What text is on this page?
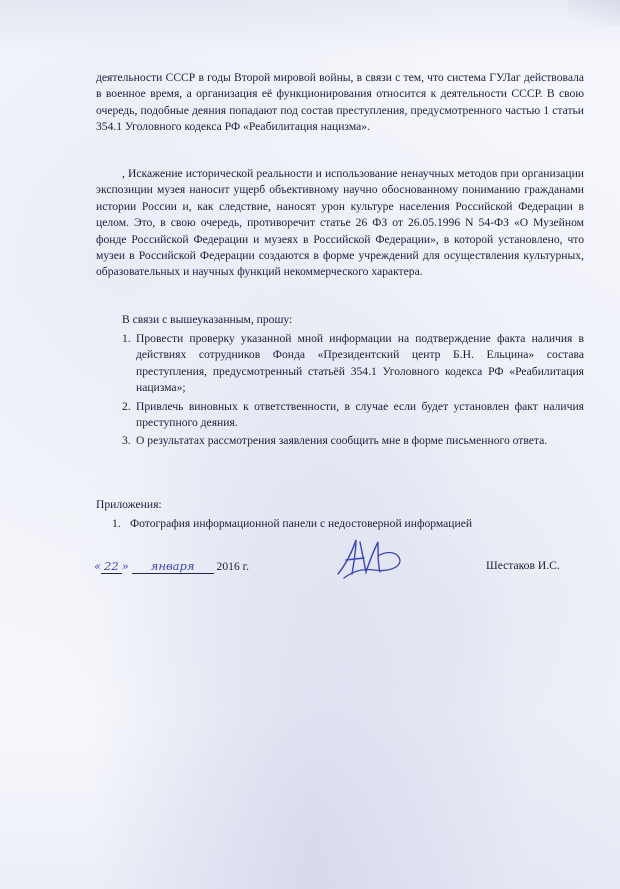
деятельности СССР в годы Второй мировой войны, в связи с тем, что система ГУЛаг действовала в военное время, а организация её функционирования относится к деятельности СССР. В свою очередь, подобные деяния попадают под состав преступления, предусмотренного частью 1 статьи 354.1 Уголовного кодекса РФ «Реабилитация нацизма».

, Искажение исторической реальности и использование ненаучных методов при организации экспозиции музея наносит ущерб объективному научно обоснованному пониманию гражданами истории России и, как следствие, наносят урон культуре населения Российской Федерации в целом. Это, в свою очередь, противоречит статье 26 ФЗ от 26.05.1996 N 54-ФЗ «О Музейном фонде Российской Федерации и музеях в Российской Федерации», в которой установлено, что музеи в Российской Федерации создаются в форме учреждений для осуществления культурных, образовательных и научных функций некоммерческого характера.

В связи с вышеуказанным, прошу:
1. Провести проверку указанной мной информации на подтверждение факта наличия в действиях сотрудников Фонда «Президентский центр Б.Н. Ельцина» состава преступления, предусмотренный статьёй 354.1 Уголовного кодекса РФ «Реабилитация нацизма»;
2. Привлечь виновных к ответственности, в случае если будет установлен факт наличия преступного деяния.
3. О результатах рассмотрения заявления сообщить мне в форме письменного ответа.
Приложения:
1. Фотография информационной панели с недостоверной информацией
« 22 » января 2016 г.	Шестаков И.С.
